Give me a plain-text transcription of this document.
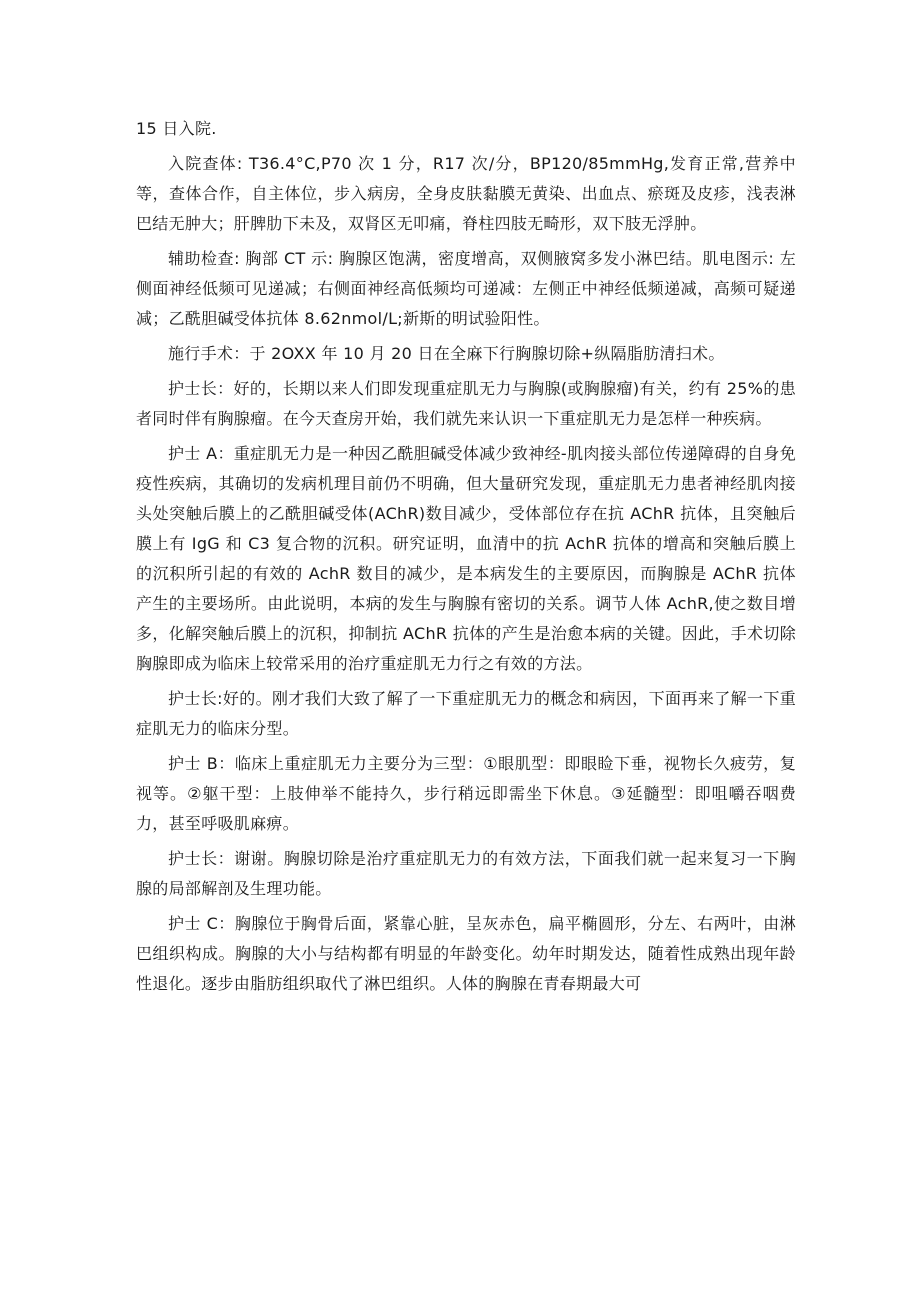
15 日入院.

入院查体: T36.4°C,P70 次 1 分，R17 次/分，BP120/85mmHg,发育正常,营养中等，查体合作，自主体位，步入病房，全身皮肤黏膜无黄染、出血点、瘀斑及皮疹，浅表淋巴结无肿大；肝脾肋下未及，双肾区无叩痛，脊柱四肢无畸形，双下肢无浮肿。

辅助检查: 胸部 CT 示: 胸腺区饱满，密度增高，双侧腋窝多发小淋巴结。肌电图示: 左侧面神经低频可见递减；右侧面神经高低频均可递减：左侧正中神经低频递减，高频可疑递减；乙酰胆碱受体抗体 8.62nmol/L;新斯的明试验阳性。

施行手术：于 2OXX 年 10 月 20 日在全麻下行胸腺切除+纵隔脂肪清扫术。

护士长：好的，长期以来人们即发现重症肌无力与胸腺(或胸腺瘤)有关，约有 25%的患者同时伴有胸腺瘤。在今天查房开始，我们就先来认识一下重症肌无力是怎样一种疾病。

护士 A：重症肌无力是一种因乙酰胆碱受体减少致神经-肌肉接头部位传递障碍的自身免疫性疾病，其确切的发病机理目前仍不明确，但大量研究发现，重症肌无力患者神经肌肉接头处突触后膜上的乙酰胆碱受体(AChR)数目减少，受体部位存在抗 AChR 抗体，且突触后膜上有 IgG 和 C3 复合物的沉积。研究证明，血清中的抗 AchR 抗体的增高和突触后膜上的沉积所引起的有效的 AchR 数目的减少，是本病发生的主要原因，而胸腺是 AChR 抗体产生的主要场所。由此说明，本病的发生与胸腺有密切的关系。调节人体 AchR,使之数目增多，化解突触后膜上的沉积，抑制抗 AChR 抗体的产生是治愈本病的关键。因此，手术切除胸腺即成为临床上较常采用的治疗重症肌无力行之有效的方法。

护士长:好的。刚才我们大致了解了一下重症肌无力的概念和病因，下面再来了解一下重症肌无力的临床分型。

护士 B：临床上重症肌无力主要分为三型：①眼肌型：即眼睑下垂，视物长久疲劳，复视等。②躯干型：上肢伸举不能持久，步行稍远即需坐下休息。③延髓型：即咀嚼吞咽费力，甚至呼吸肌麻痹。

护士长：谢谢。胸腺切除是治疗重症肌无力的有效方法，下面我们就一起来复习一下胸腺的局部解剖及生理功能。

护士 C：胸腺位于胸骨后面，紧靠心脏，呈灰赤色，扁平椭圆形，分左、右两叶，由淋巴组织构成。胸腺的大小与结构都有明显的年龄变化。幼年时期发达，随着性成熟出现年龄性退化。逐步由脂肪组织取代了淋巴组织。人体的胸腺在青春期最大可
